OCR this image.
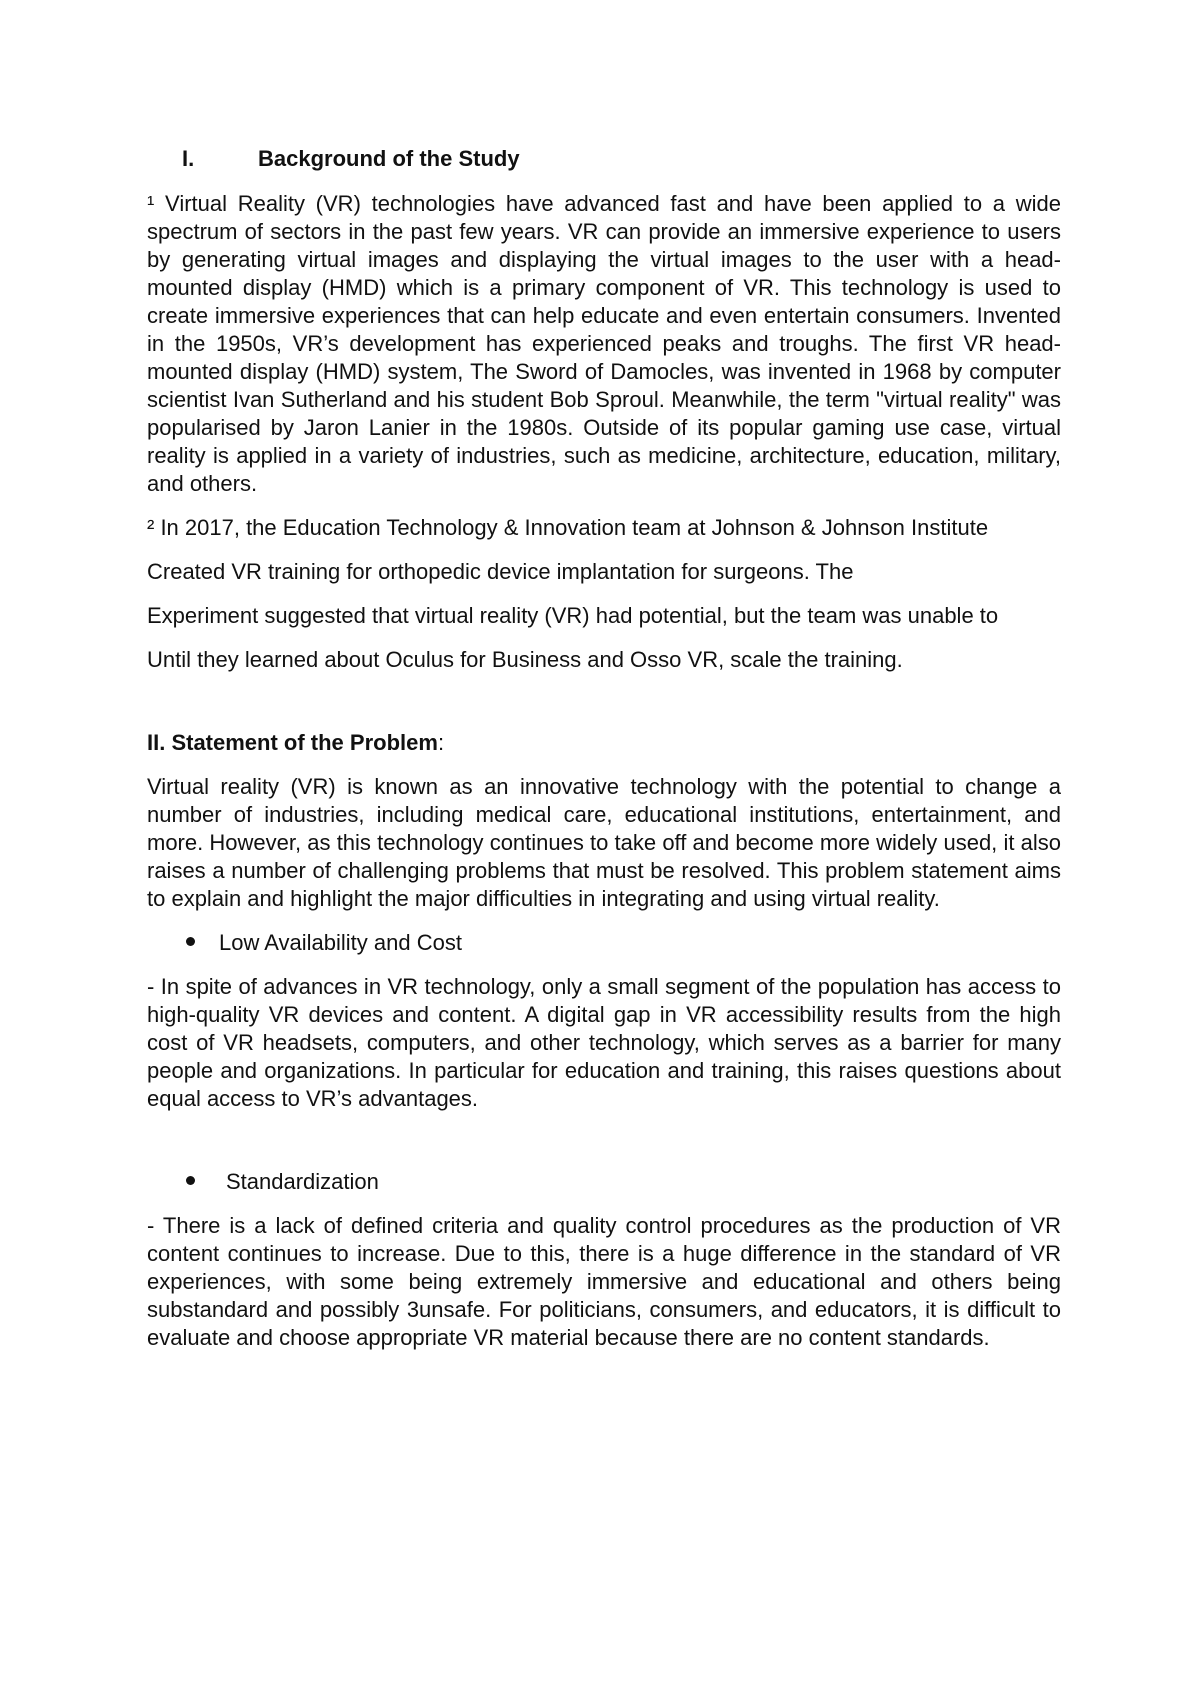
I.	Background of the Study
¹ Virtual Reality (VR) technologies have advanced fast and have been applied to a wide spectrum of sectors in the past few years. VR can provide an immersive experience to users by generating virtual images and displaying the virtual images to the user with a head-mounted display (HMD) which is a primary component of VR. This technology is used to create immersive experiences that can help educate and even entertain consumers. Invented in the 1950s, VR’s development has experienced peaks and troughs. The first VR head-mounted display (HMD) system, The Sword of Damocles, was invented in 1968 by computer scientist Ivan Sutherland and his student Bob Sproul. Meanwhile, the term "virtual reality" was popularised by Jaron Lanier in the 1980s. Outside of its popular gaming use case, virtual reality is applied in a variety of industries, such as medicine, architecture, education, military, and others.
² In 2017, the Education Technology & Innovation team at Johnson & Johnson Institute
Created VR training for orthopedic device implantation for surgeons. The
Experiment suggested that virtual reality (VR) had potential, but the team was unable to
Until they learned about Oculus for Business and Osso VR, scale the training.
II. Statement of the Problem:
Virtual reality (VR) is known as an innovative technology with the potential to change a number of industries, including medical care, educational institutions, entertainment, and more. However, as this technology continues to take off and become more widely used, it also raises a number of challenging problems that must be resolved. This problem statement aims to explain and highlight the major difficulties in integrating and using virtual reality.
Low Availability and Cost
- In spite of advances in VR technology, only a small segment of the population has access to high-quality VR devices and content. A digital gap in VR accessibility results from the high cost of VR headsets, computers, and other technology, which serves as a barrier for many people and organizations. In particular for education and training, this raises questions about equal access to VR’s advantages.
Standardization
- There is a lack of defined criteria and quality control procedures as the production of VR content continues to increase. Due to this, there is a huge difference in the standard of VR experiences, with some being extremely immersive and educational and others being substandard and possibly 3unsafe. For politicians, consumers, and educators, it is difficult to evaluate and choose appropriate VR material because there are no content standards.
